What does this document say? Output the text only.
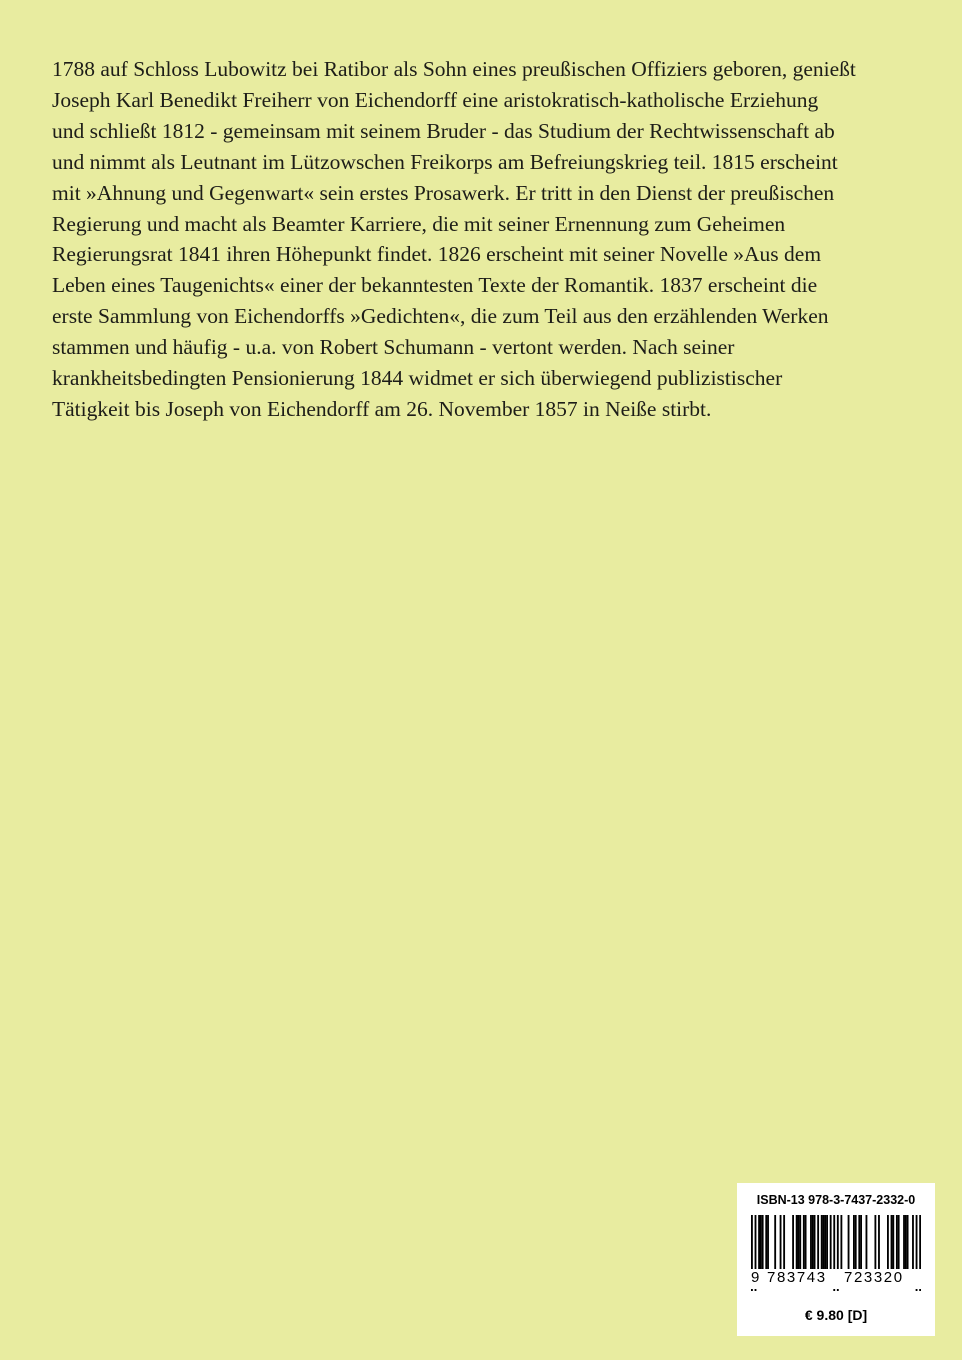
1788 auf Schloss Lubowitz bei Ratibor als Sohn eines preußischen Offiziers geboren, genießt
Joseph Karl Benedikt Freiherr von Eichendorff eine aristokratisch-katholische Erziehung
und schließt 1812 - gemeinsam mit seinem Bruder - das Studium der Rechtwissenschaft ab
und nimmt als Leutnant im Lützowschen Freikorps am Befreiungskrieg teil. 1815 erscheint
mit »Ahnung und Gegenwart« sein erstes Prosawerk. Er tritt in den Dienst der preußischen
Regierung und macht als Beamter Karriere, die mit seiner Ernennung zum Geheimen
Regierungsrat 1841 ihren Höhepunkt findet. 1826 erscheint mit seiner Novelle »Aus dem
Leben eines Taugenichts« einer der bekanntesten Texte der Romantik. 1837 erscheint die
erste Sammlung von Eichendorffs »Gedichten«, die zum Teil aus den erzählenden Werken
stammen und häufig - u.a. von Robert Schumann - vertont werden. Nach seiner
krankheitsbedingten Pensionierung 1844 widmet er sich überwiegend publizistischer
Tätigkeit bis Joseph von Eichendorff am 26. November 1857 in Neiße stirbt.
ISBN-13 978-3-7437-2332-0
9 783743 723320
€ 9.80 [D]
